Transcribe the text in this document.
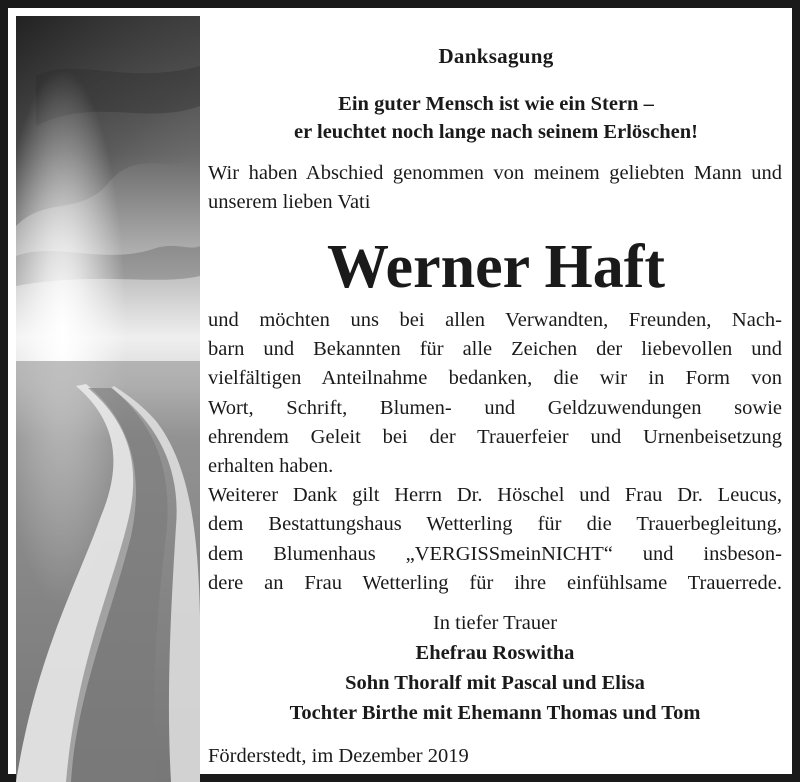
Danksagung
Ein guter Mensch ist wie ein Stern –
er leuchtet noch lange nach seinem Erlöschen!
Wir haben Abschied genommen von meinem geliebten Mann und unserem lieben Vati
Werner Haft
und möchten uns bei allen Verwandten, Freunden, Nach-
barn und Bekannten für alle Zeichen der liebevollen und
vielfältigen Anteilnahme bedanken, die wir in Form von
Wort, Schrift, Blumen- und Geldzuwendungen sowie
ehrendem Geleit bei der Trauerfeier und Urnenbeisetzung
erhalten haben.
Weiterer Dank gilt Herrn Dr. Höschel und Frau Dr. Leucus,
dem Bestattungshaus Wetterling für die Trauerbegleitung,
dem Blumenhaus „VERGISSmeinNICHT“ und insbeson-
dere an Frau Wetterling für ihre einfühlsame Trauerrede.
In tiefer Trauer
Ehefrau Roswitha
Sohn Thoralf mit Pascal und Elisa
Tochter Birthe mit Ehemann Thomas und Tom
Förderstedt, im Dezember 2019
